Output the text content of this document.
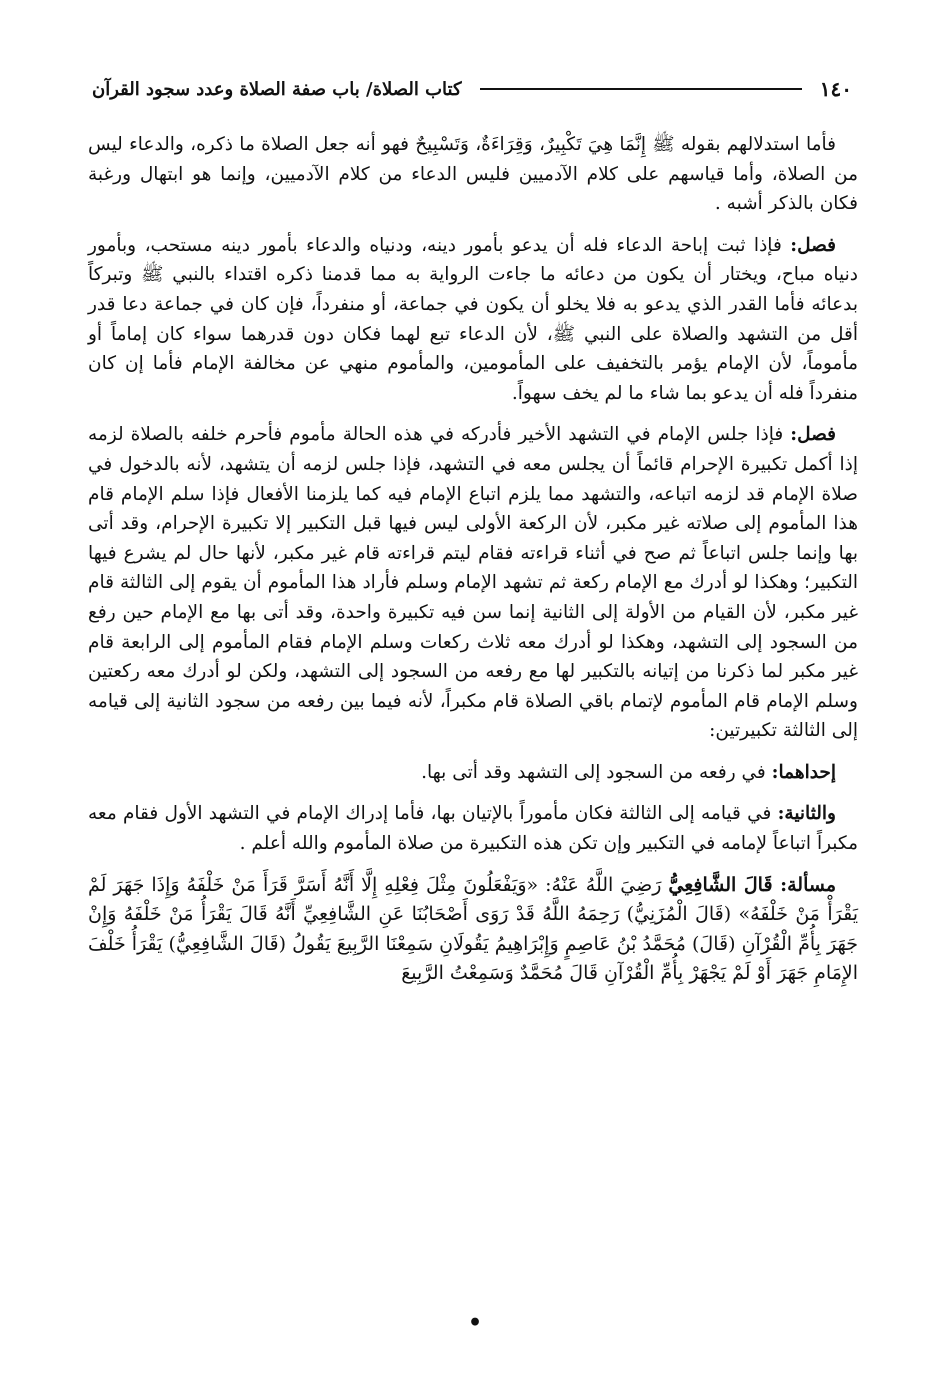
١٤٠
كتاب الصلاة/ باب صفة الصلاة وعدد سجود القرآن

فأما استدلالهم بقوله ﷺ إِنَّمَا هِيَ تَكْبِيرٌ، وَقِرَاءَةٌ، وَتَسْبِيحٌ فهو أنه جعل الصلاة ما ذكره، والدعاء ليس من الصلاة، وأما قياسهم على كلام الآدميين فليس الدعاء من كلام الآدميين، وإنما هو ابتهال ورغبة فكان بالذكر أشبه .

فصل: فإذا ثبت إباحة الدعاء فله أن يدعو بأمور دينه، ودنياه والدعاء بأمور دينه مستحب، وبأمور دنياه مباح، ويختار أن يكون من دعائه ما جاءت الرواية به مما قدمنا ذكره اقتداء بالنبي ﷺ وتبركاً بدعائه فأما القدر الذي يدعو به فلا يخلو أن يكون في جماعة، أو منفرداً، فإن كان في جماعة دعا قدر أقل من التشهد والصلاة على النبي ﷺ، لأن الدعاء تبع لهما فكان دون قدرهما سواء كان إماماً أو مأموماً، لأن الإمام يؤمر بالتخفيف على المأمومين، والمأموم منهي عن مخالفة الإمام فأما إن كان منفرداً فله أن يدعو بما شاء ما لم يخف سهواً.

فصل: فإذا جلس الإمام في التشهد الأخير فأدركه في هذه الحالة مأموم فأحرم خلفه بالصلاة لزمه إذا أكمل تكبيرة الإحرام قائماً أن يجلس معه في التشهد، فإذا جلس لزمه أن يتشهد، لأنه بالدخول في صلاة الإمام قد لزمه اتباعه، والتشهد مما يلزم اتباع الإمام فيه كما يلزمنا الأفعال فإذا سلم الإمام قام هذا المأموم إلى صلاته غير مكبر، لأن الركعة الأولى ليس فيها قبل التكبير إلا تكبيرة الإحرام، وقد أتى بها وإنما جلس اتباعاً ثم صح في أثناء قراءته فقام ليتم قراءته قام غير مكبر، لأنها حال لم يشرع فيها التكبير؛ وهكذا لو أدرك مع الإمام ركعة ثم تشهد الإمام وسلم فأراد هذا المأموم أن يقوم إلى الثالثة قام غير مكبر، لأن القيام من الأولة إلى الثانية إنما سن فيه تكبيرة واحدة، وقد أتى بها مع الإمام حين رفع من السجود إلى التشهد، وهكذا لو أدرك معه ثلاث ركعات وسلم الإمام فقام المأموم إلى الرابعة قام غير مكبر لما ذكرنا من إتيانه بالتكبير لها مع رفعه من السجود إلى التشهد، ولكن لو أدرك معه ركعتين وسلم الإمام قام المأموم لإتمام باقي الصلاة قام مكبراً، لأنه فيما بين رفعه من سجود الثانية إلى قيامه إلى الثالثة تكبيرتين:

إحداهما: في رفعه من السجود إلى التشهد وقد أتى بها.

والثانية: في قيامه إلى الثالثة فكان مأموراً بالإتيان بها، فأما إدراك الإمام في التشهد الأول فقام معه مكبراً اتباعاً لإمامه في التكبير وإن تكن هذه التكبيرة من صلاة المأموم والله أعلم .

مسألة: قَالَ الشَّافِعِيُّ رَضِيَ اللَّهُ عَنْهُ: «وَيَفْعَلُونَ مِثْلَ فِعْلِهِ إِلَّا أَنَّهُ أَسَرَّ قَرَأَ مَنْ خَلْفَهُ وَإِذَا جَهَرَ لَمْ يَقْرَأْ مَنْ خَلْفَهُ» (قَالَ الْمُزَنِيُّ) رَحِمَهُ اللَّهُ قَدْ رَوَى أَصْحَابُنَا عَنِ الشَّافِعِيِّ أَنَّهُ قَالَ يَقْرَأُ مَنْ خَلْفَهُ وَإِنْ جَهَرَ بِأُمِّ الْقُرْآنِ (قَالَ) مُحَمَّدُ بْنُ عَاصِمٍ وَإِبْرَاهِيمُ يَقُولَانِ سَمِعْنَا الرَّبِيعَ يَقُولُ (قَالَ الشَّافِعِيُّ) يَقْرَأُ خَلْفَ الإِمَامِ جَهَرَ أَوْ لَمْ يَجْهَرْ بِأُمِّ الْقُرْآنِ قَالَ مُحَمَّدٌ وَسَمِعْتُ الرَّبِيعَ

•
